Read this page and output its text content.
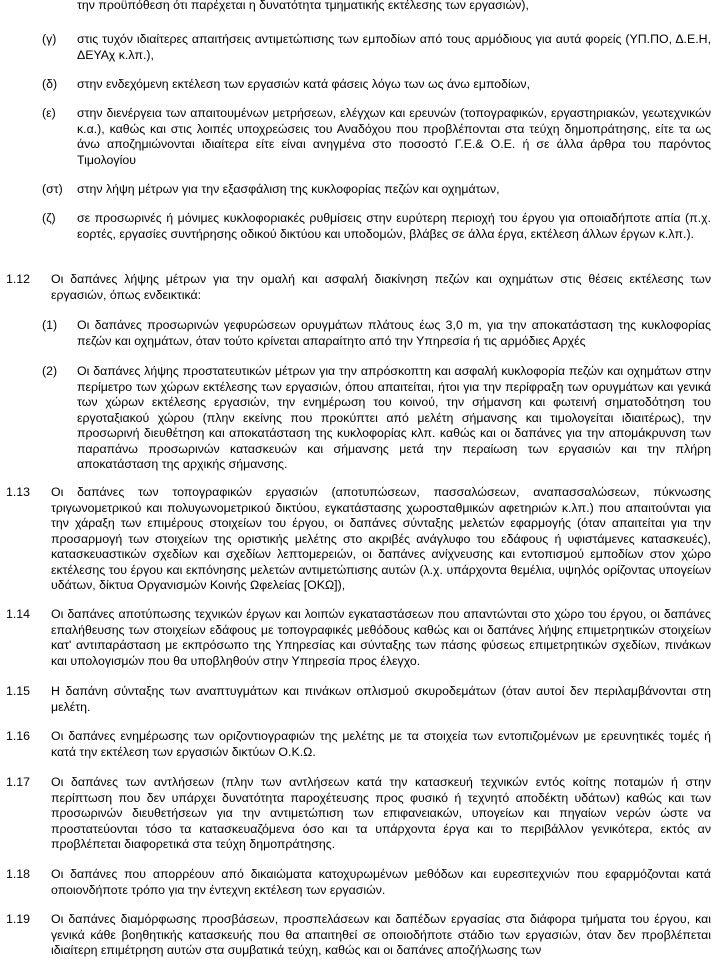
την προϋπόθεση ότι παρέχεται η δυνατότητα τμηματικής εκτέλεσης των εργασιών),

(γ)	στις τυχόν ιδιαίτερες απαιτήσεις αντιμετώπισης των εμποδίων από τους αρμόδιους για αυτά φορείς (ΥΠ.ΠΟ, Δ.Ε.Η, ΔΕΥΑχ κ.λπ.),

(δ)	στην ενδεχόμενη εκτέλεση των εργασιών κατά φάσεις λόγω των ως άνω εμποδίων,

(ε)	στην διενέργεια των απαιτουμένων μετρήσεων, ελέγχων και ερευνών (τοπογραφικών, εργαστηριακών, γεωτεχνικών κ.α.), καθώς και στις λοιπές υποχρεώσεις του Αναδόχου που προβλέπονται στα τεύχη δημοπράτησης, είτε τα ως άνω αποζημιώνονται ιδιαίτερα είτε είναι ανηγμένα στο ποσοστό Γ.Ε.& Ο.Ε. ή σε άλλα άρθρα του παρόντος Τιμολογίου

(στ)	στην λήψη μέτρων για την εξασφάλιση της κυκλοφορίας πεζών και οχημάτων,

(ζ)	σε προσωρινές ή μόνιμες κυκλοφοριακές ρυθμίσεις στην ευρύτερη περιοχή του έργου για οποιαδήποτε απία (π.χ. εορτές, εργασίες συντήρησης οδικού δικτύου και υποδομών, βλάβες σε άλλα έργα, εκτέλεση άλλων έργων κ.λπ.).

1.12	Οι δαπάνες λήψης μέτρων για την ομαλή και ασφαλή διακίνηση πεζών και οχημάτων στις θέσεις εκτέλεσης των εργασιών, όπως ενδεικτικά:

(1)	Οι δαπάνες προσωρινών γεφυρώσεων ορυγμάτων πλάτους έως 3,0 m, για την αποκατάσταση της κυκλοφορίας πεζών και οχημάτων, όταν τούτο κρίνεται απαραίτητο από την Υπηρεσία ή τις αρμόδιες Αρχές

(2)	Οι δαπάνες λήψης προστατευτικών μέτρων για την απρόσκοπτη και ασφαλή κυκλοφορία πεζών και οχημάτων στην περίμετρο των χώρων εκτέλεσης των εργασιών, όπου απαιτείται, ήτοι για την περίφραξη των ορυγμάτων και γενικά των χώρων εκτέλεσης εργασιών, την ενημέρωση του κοινού, την σήμανση και φωτεινή σηματοδότηση του εργοταξιακού χώρου (πλην εκείνης που προκύπτει από μελέτη σήμανσης και τιμολογείται ιδιαιτέρως), την προσωρινή διευθέτηση και αποκατάσταση της κυκλοφορίας κλπ. καθώς και οι δαπάνες για την απομάκρυνση των παραπάνω προσωρινών κατασκευών και σήμανσης μετά την περαίωση των εργασιών και την πλήρη αποκατάσταση της αρχικής σήμανσης.

1.13	Οι δαπάνες των τοπογραφικών εργασιών (αποτυπώσεων, πασσαλώσεων, αναπασσαλώσεων, πύκνωσης τριγωνομετρικού και πολυγωνομετρικού δικτύου, εγκατάστασης χωροσταθμικών αφετηριών κ.λπ.) που απαιτούνται για την χάραξη των επιμέρους στοιχείων του έργου, οι δαπάνες σύνταξης μελετών εφαρμογής (όταν απαιτείται για την προσαρμογή των στοιχείων της οριστικής μελέτης στο ακριβές ανάγλυφο του εδάφους ή υφιστάμενες κατασκευές), κατασκευαστικών σχεδίων και σχεδίων λεπτομερειών, οι δαπάνες ανίχνευσης και εντοπισμού εμποδίων στον χώρο εκτέλεσης του έργου και εκπόνησης μελετών αντιμετώπισης αυτών (λ.χ. υπάρχοντα θεμέλια, υψηλός ορίζοντας υπογείων υδάτων, δίκτυα Οργανισμών Κοινής Ωφελείας [ΟΚΩ]),

1.14	Οι δαπάνες αποτύπωσης τεχνικών έργων και λοιπών εγκαταστάσεων που απαντώνται στο χώρο του έργου, οι δαπάνες επαλήθευσης των στοιχείων εδάφους με τοπογραφικές μεθόδους καθώς και οι δαπάνες λήψης επιμετρητικών στοιχείων κατ' αντιπαράσταση με εκπρόσωπο της Υπηρεσίας και σύνταξης των πάσης φύσεως επιμετρητικών σχεδίων, πινάκων και υπολογισμών που θα υποβληθούν στην Υπηρεσία προς έλεγχο.

1.15	Η δαπάνη σύνταξης των αναπτυγμάτων και πινάκων οπλισμού σκυροδεμάτων (όταν αυτοί δεν περιλαμβάνονται στη μελέτη.

1.16	Οι δαπάνες ενημέρωσης των οριζοντιογραφιών της μελέτης με τα στοιχεία των εντοπιζομένων με ερευνητικές τομές ή κατά την εκτέλεση των εργασιών δικτύων Ο.Κ.Ω.

1.17	Οι δαπάνες των αντλήσεων (πλην των αντλήσεων κατά την κατασκευή τεχνικών εντός κοίτης ποταμών ή στην περίπτωση που δεν υπάρχει δυνατότητα παροχέτευσης προς φυσικό ή τεχνητό αποδέκτη υδάτων) καθώς και των προσωρινών διευθετήσεων για την αντιμετώπιση των επιφανειακών, υπογείων και πηγαίων νερών ώστε να προστατεύονται τόσο τα κατασκευαζόμενα όσο και τα υπάρχοντα έργα και το περιβάλλον γενικότερα, εκτός αν προβλέπεται διαφορετικά στα τεύχη δημοπράτησης.

1.18	Οι δαπάνες που απορρέουν από δικαιώματα κατοχυρωμένων μεθόδων και ευρεσιτεχνιών που εφαρμόζονται κατά οποιονδήποτε τρόπο για την έντεχνη εκτέλεση των εργασιών.

1.19	Οι δαπάνες διαμόρφωσης προσβάσεων, προσπελάσεων και δαπέδων εργασίας στα διάφορα τμήματα του έργου, και γενικά κάθε βοηθητικής κατασκευής που θα απαιτηθεί σε οποιοδήποτε στάδιο των εργασιών, όταν δεν προβλέπεται ιδιαίτερη επιμέτρηση αυτών στα συμβατικά τεύχη, καθώς και οι δαπάνες αποζήλωσης των
